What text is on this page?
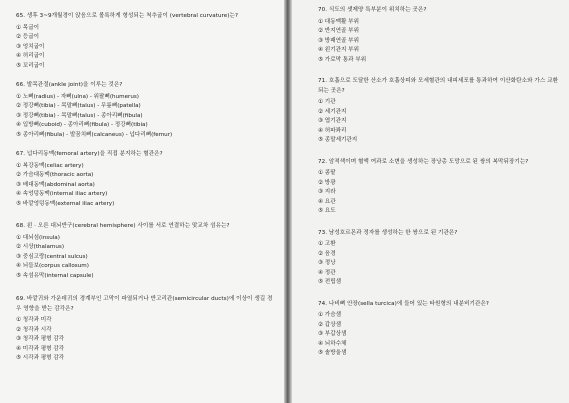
65. 생후 3~9개월경이 앉음으로 볼록하게 형성되는 척추굽이 (vertebral curvature)는?
① 목굽이
② 등굽이
③ 엉치굽이
④ 허리굽이
⑤ 꼬리굽이
66. 발목관절(ankle joint)을 이루는 것은?
① 노뼈(radius) - 자뼈(ulna) - 위팔뼈(humerus)
② 정강뼈(tibia) - 목말뼈(talus) - 무릎뼈(patella)
③ 정강뼈(tibia) - 목말뼈(talus) - 종아리뼈(fibula)
④ 입방뼈(cuboid) - 종아리뼈(fibula) - 정강뼈(tibia)
⑤ 종아리뼈(fibula) - 발꿈치뼈(calcaneus) - 넙다리뼈(femur)
67. 넙다리동맥(femoral artery)을 직접 분지하는 혈관은?
① 복강동맥(celiac artery)
② 가슴대동맥(thoracic aorta)
③ 배대동맥(abdominal aorta)
④ 속엉덩동맥(internal iliac artery)
⑤ 바깥엉덩동맥(external iliac artery)
68. 왼 · 오른 대뇌반구(cerebral hemisphere) 사이를 서로 연결하는 맞교차 섬유는?
① 대뇌섬(insula)
② 시상(thalamus)
③ 중심고랑(central sulcus)
④ 뇌들보(corpus callosum)
⑤ 속섬유막(internal capsule)
69. 바깥귀와 가운데귀의 경계부인 고막이 파열되거나 반고리관(semicircular ducts)에 이상이 생길 경우 영향을 받는 감각은?
① 청각과 미각
② 청각과 시각
③ 청각과 평형 감각
④ 미각과 평형 감각
⑤ 시각과 평형 감각
70. 식도의 샛제양 특부분이 위치하는 곳은?
① 대동맥활 부위
② 반지연골 부위
③ 방패연골 부위
④ 왼기관지 부위
⑤ 가로막 통과 부위
71. 호흡으로 도달한 산소가 호흡상피와 모세혈관의 내피세포를 통과하여 이산화탄소와 가스 교환되는 곳은?
① 기관
② 세기관지
③ 엽기관지
④ 허파꽈리
⑤ 종말세기관지
72. 암적색이며 혈액 여과로 소변을 생성하는 장낭총 도망으로 된 쌍의 복막뒤장기는?
① 콩팥
② 방광
③ 지라
④ 요관
⑤ 요도
73. 남성호르몬과 정자를 생성하는 한 쌍으로 된 기관은?
① 고환
② 음경
③ 정낭
④ 정관
⑤ 전립샘
74. 나비뼈 안장(sella turcica)에 들어 있는 타원형의 내분비기관은?
① 가슴샘
② 갑상샘
③ 부갑상샘
④ 뇌하수체
⑤ 솔방울샘
